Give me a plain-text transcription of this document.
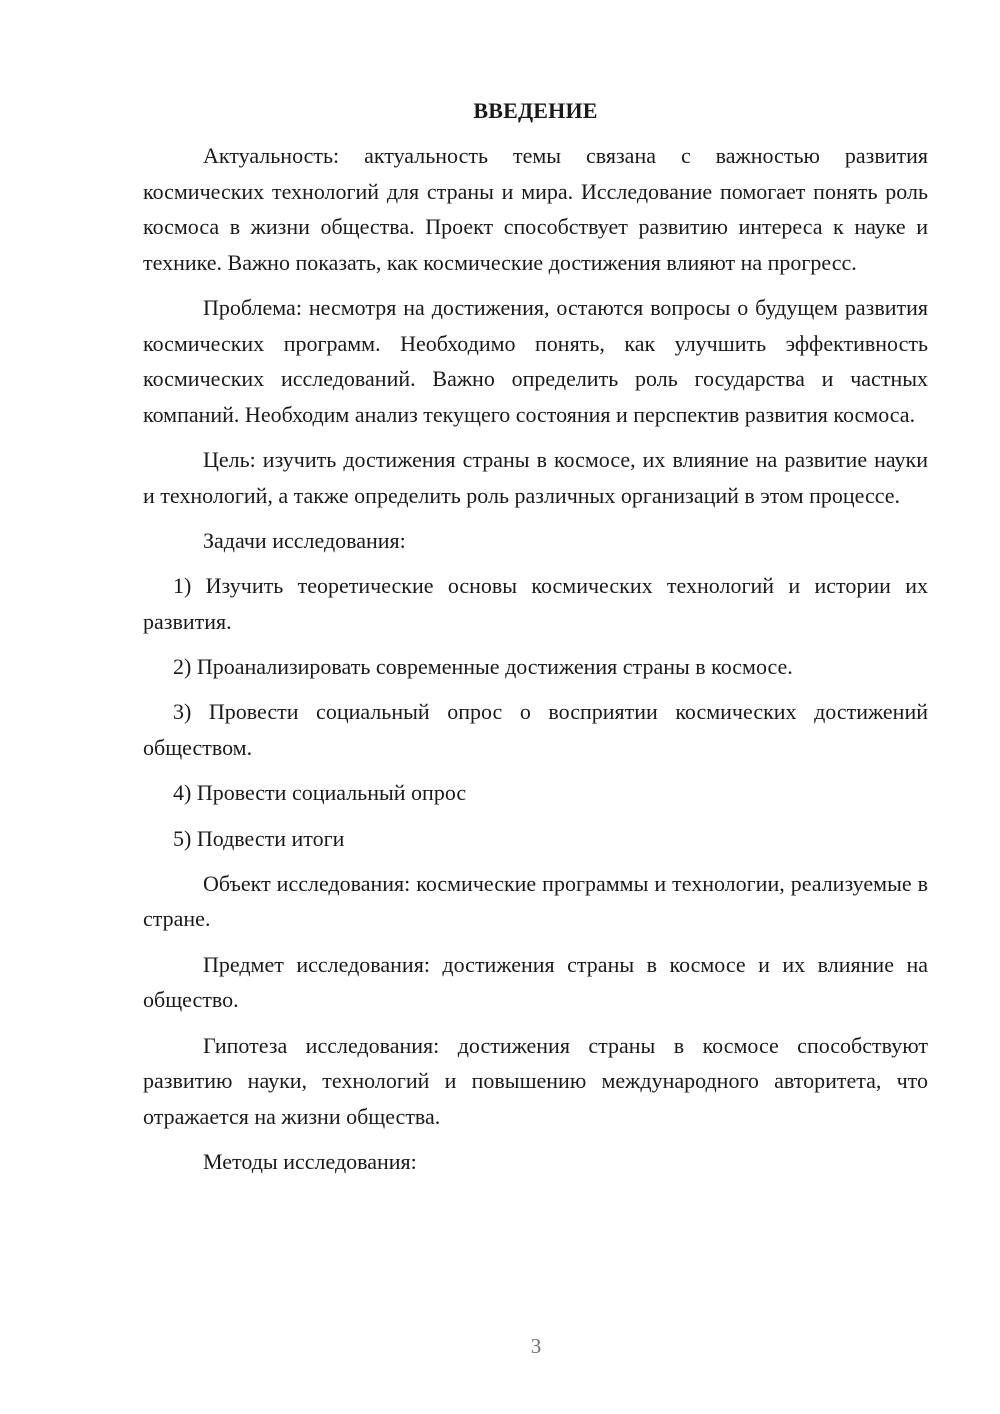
ВВЕДЕНИЕ

Актуальность: актуальность темы связана с важностью развития космических технологий для страны и мира. Исследование помогает понять роль космоса в жизни общества. Проект способствует развитию интереса к науке и технике. Важно показать, как космические достижения влияют на прогресс.

Проблема: несмотря на достижения, остаются вопросы о будущем развития космических программ. Необходимо понять, как улучшить эффективность космических исследований. Важно определить роль государства и частных компаний. Необходим анализ текущего состояния и перспектив развития космоса.

Цель: изучить достижения страны в космосе, их влияние на развитие науки и технологий, а также определить роль различных организаций в этом процессе.

Задачи исследования:

1) Изучить теоретические основы космических технологий и истории их развития.

2) Проанализировать современные достижения страны в космосе.

3) Провести социальный опрос о восприятии космических достижений обществом.

4) Провести социальный опрос

5) Подвести итоги

Объект исследования: космические программы и технологии, реализуемые в стране.

Предмет исследования: достижения страны в космосе и их влияние на общество.

Гипотеза исследования: достижения страны в космосе способствуют развитию науки, технологий и повышению международного авторитета, что отражается на жизни общества.

Методы исследования:

3
